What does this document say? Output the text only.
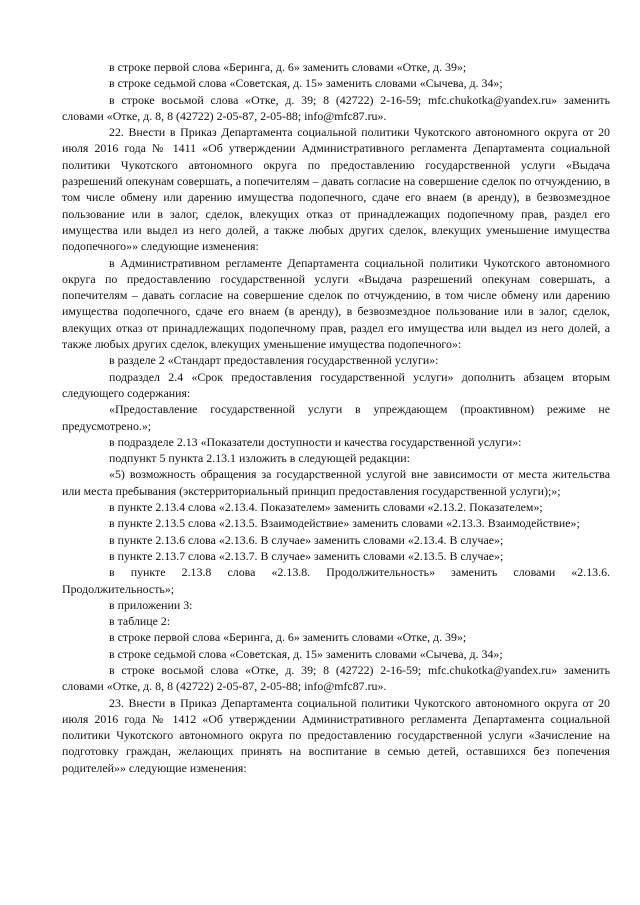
в строке первой слова «Беринга, д. 6» заменить словами «Отке, д. 39»;

в строке седьмой слова «Советская, д. 15» заменить словами «Сычева, д. 34»;

в строке восьмой слова «Отке, д. 39; 8 (42722) 2-16-59; mfc.chukotka@yandex.ru» заменить словами «Отке, д. 8, 8 (42722) 2-05-87, 2-05-88; info@mfc87.ru».

22. Внести в Приказ Департамента социальной политики Чукотского автономного округа от 20 июля 2016 года № 1411 «Об утверждении Административного регламента Департамента социальной политики Чукотского автономного округа по предоставлению государственной услуги «Выдача разрешений опекунам совершать, а попечителям – давать согласие на совершение сделок по отчуждению, в том числе обмену или дарению имущества подопечного, сдаче его внаем (в аренду), в безвозмездное пользование или в залог, сделок, влекущих отказ от принадлежащих подопечному прав, раздел его имущества или выдел из него долей, а также любых других сделок, влекущих уменьшение имущества подопечного»» следующие изменения:

в Административном регламенте Департамента социальной политики Чукотского автономного округа по предоставлению государственной услуги «Выдача разрешений опекунам совершать, а попечителям – давать согласие на совершение сделок по отчуждению, в том числе обмену или дарению имущества подопечного, сдаче его внаем (в аренду), в безвозмездное пользование или в залог, сделок, влекущих отказ от принадлежащих подопечному прав, раздел его имущества или выдел из него долей, а также любых других сделок, влекущих уменьшение имущества подопечного»:

в разделе 2 «Стандарт предоставления государственной услуги»:

подраздел 2.4 «Срок предоставления государственной услуги» дополнить абзацем вторым следующего содержания:

«Предоставление государственной услуги в упреждающем (проактивном) режиме не предусмотрено.»;

в подразделе 2.13 «Показатели доступности и качества государственной услуги»:

подпункт 5 пункта 2.13.1 изложить в следующей редакции:

«5) возможность обращения за государственной услугой вне зависимости от места жительства или места пребывания (экстерриториальный принцип предоставления государственной услуги);»;

в пункте 2.13.4 слова «2.13.4. Показателем» заменить словами «2.13.2. Показателем»;

в пункте 2.13.5 слова «2.13.5. Взаимодействие» заменить словами «2.13.3. Взаимодействие»;

в пункте 2.13.6 слова «2.13.6. В случае» заменить словами «2.13.4. В случае»;

в пункте 2.13.7 слова «2.13.7. В случае» заменить словами «2.13.5. В случае»;

в пункте 2.13.8 слова «2.13.8. Продолжительность» заменить словами «2.13.6. Продолжительность»;

в приложении 3:

в таблице 2:

в строке первой слова «Беринга, д. 6» заменить словами «Отке, д. 39»;

в строке седьмой слова «Советская, д. 15» заменить словами «Сычева, д. 34»;

в строке восьмой слова «Отке, д. 39; 8 (42722) 2-16-59; mfc.chukotka@yandex.ru» заменить словами «Отке, д. 8, 8 (42722) 2-05-87, 2-05-88; info@mfc87.ru».

23. Внести в Приказ Департамента социальной политики Чукотского автономного округа от 20 июля 2016 года № 1412 «Об утверждении Административного регламента Департамента социальной политики Чукотского автономного округа по предоставлению государственной услуги «Зачисление на подготовку граждан, желающих принять на воспитание в семью детей, оставшихся без попечения родителей»» следующие изменения:
